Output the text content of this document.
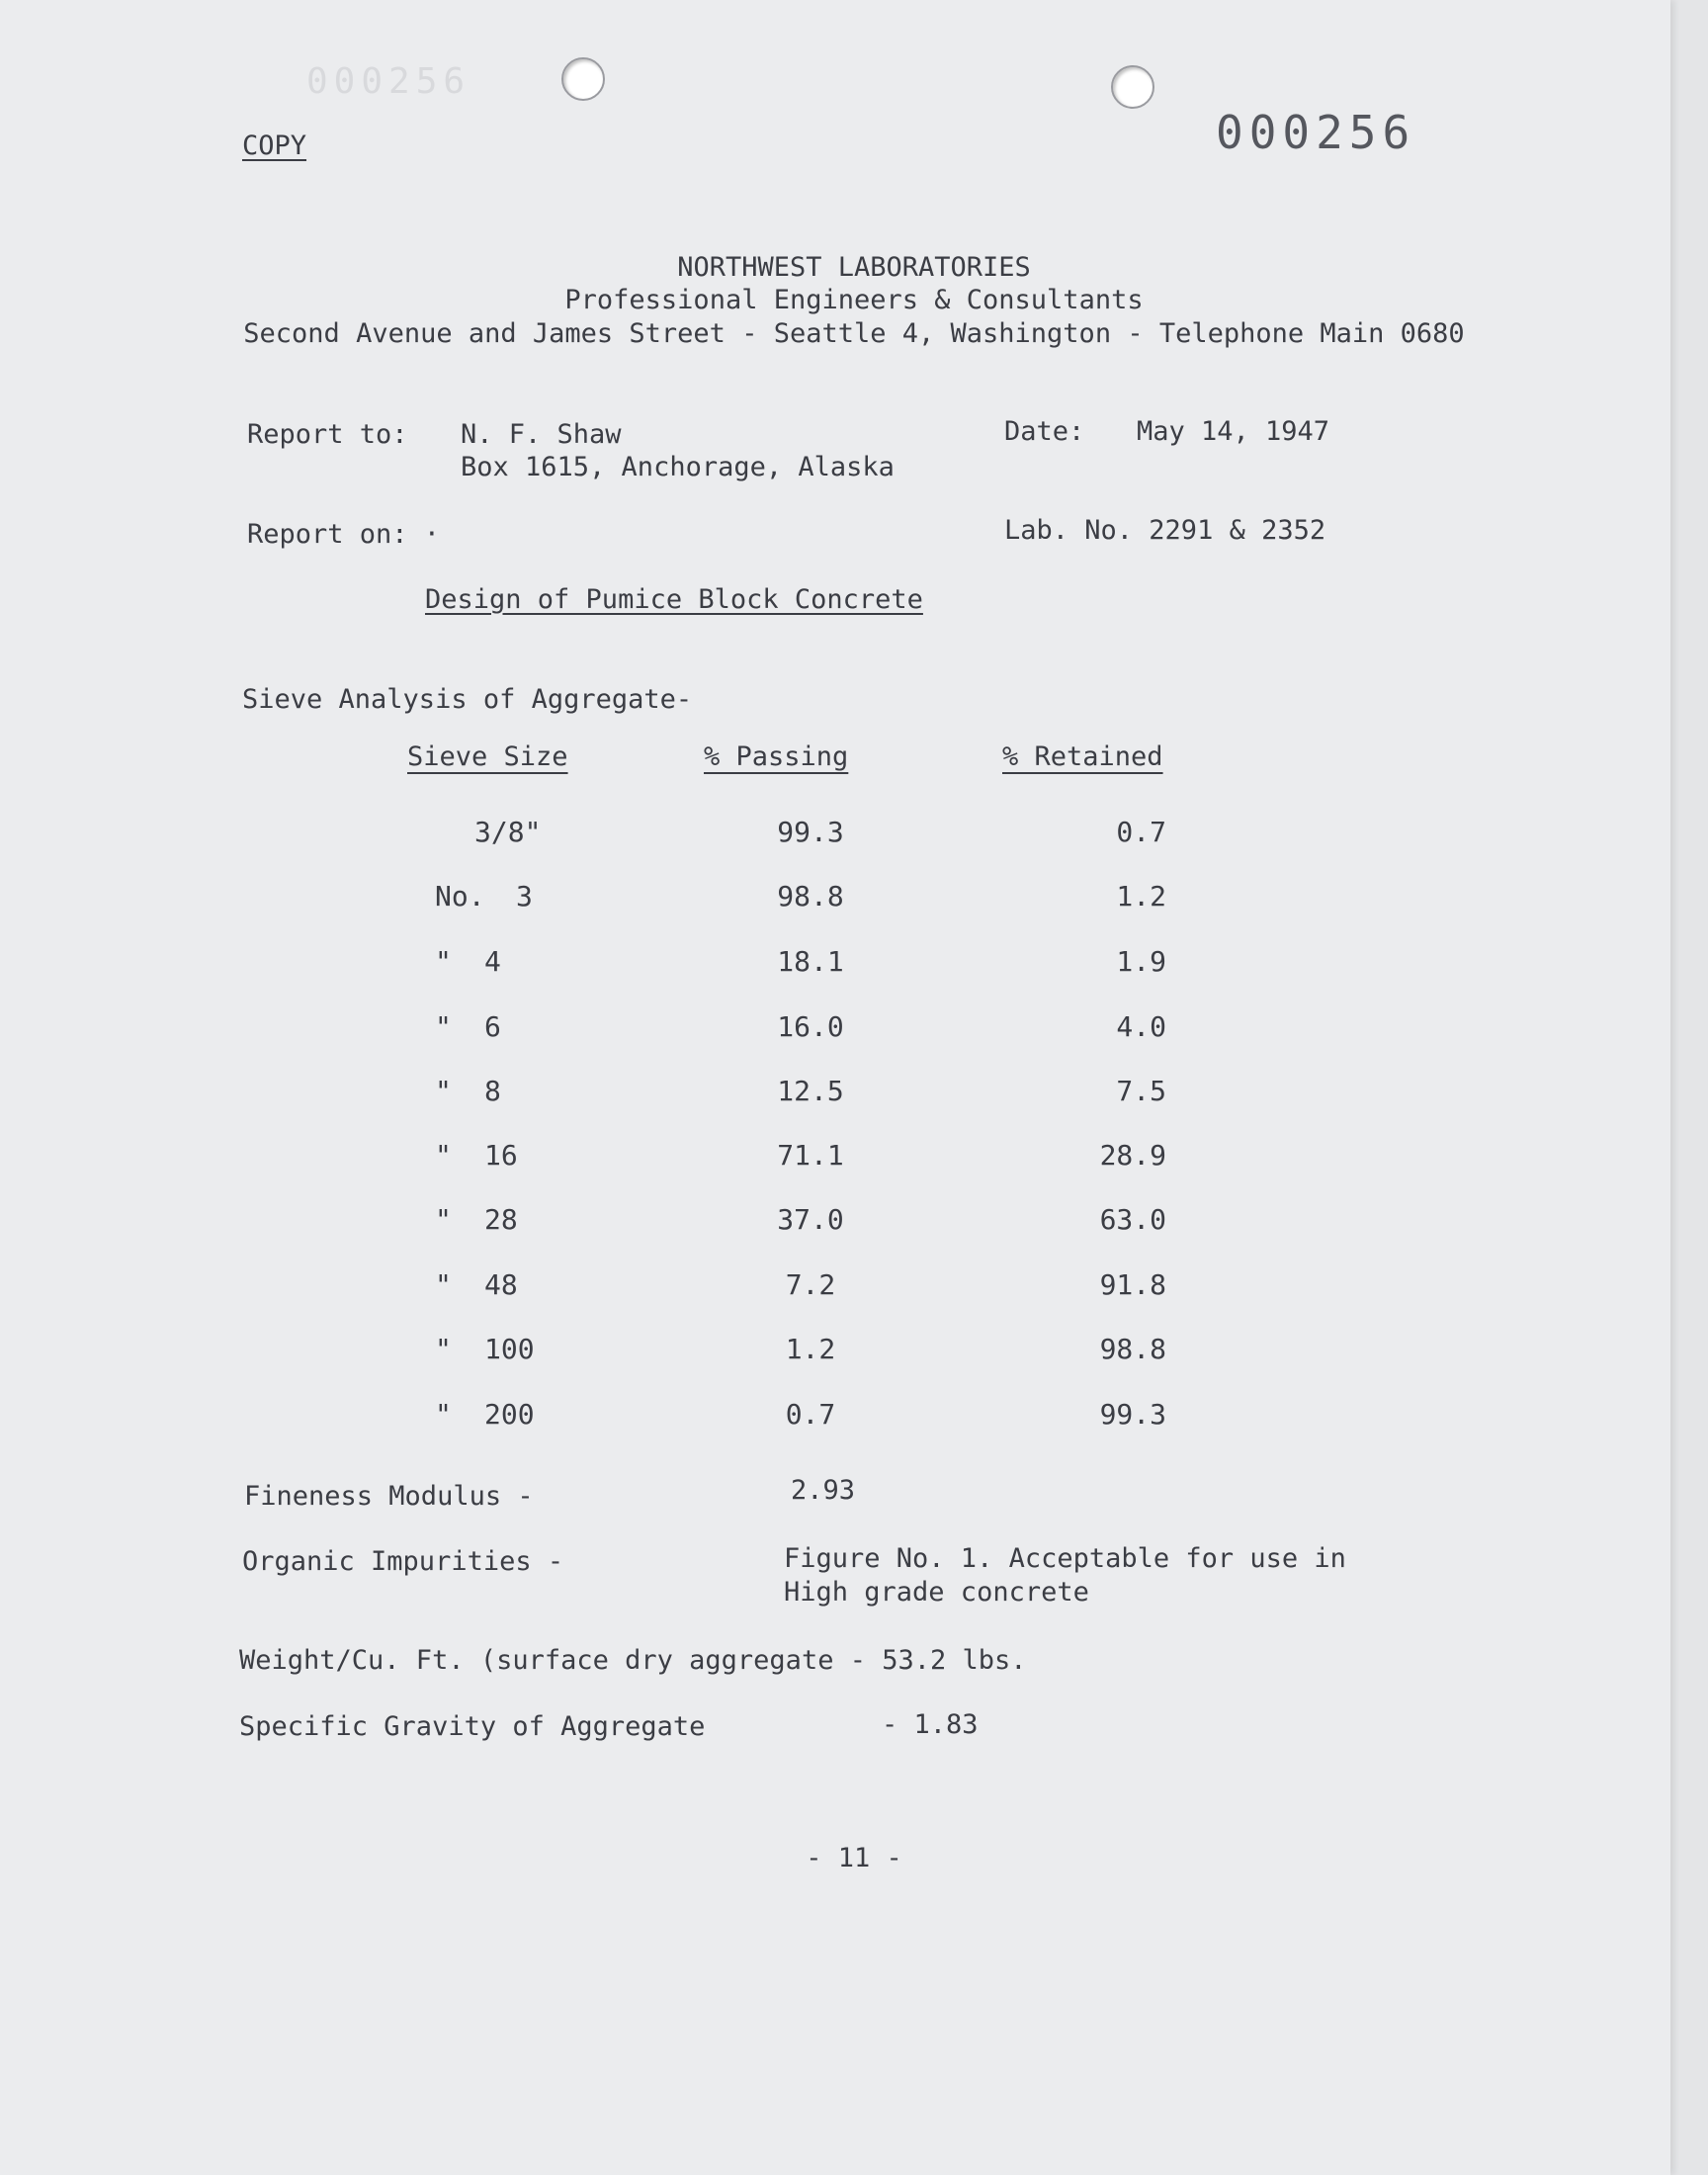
000256
COPY	000256
NORTHWEST LABORATORIES
Professional Engineers & Consultants
Second Avenue and James Street - Seattle 4, Washington - Telephone Main 0680
Report to: N. F. Shaw
Box 1615, Anchorage, Alaska
Date: May 14, 1947
Report on: ·	Lab. No. 2291 & 2352
Design of Pumice Block Concrete
Sieve Analysis of Aggregate-
Sieve Size	% Passing	% Retained
3/8"	99.3	0.7
No. 3	98.8	1.2
" 4	18.1	1.9
" 6	16.0	4.0
" 8	12.5	7.5
" 16	71.1	28.9
" 28	37.0	63.0
" 48	7.2	91.8
" 100	1.2	98.8
" 200	0.7	99.3
Fineness Modulus -	2.93
Organic Impurities -	Figure No. 1. Acceptable for use in
High grade concrete
Weight/Cu. Ft. (surface dry aggregate - 53.2 lbs.
Specific Gravity of Aggregate	- 1.83
- 11 -
